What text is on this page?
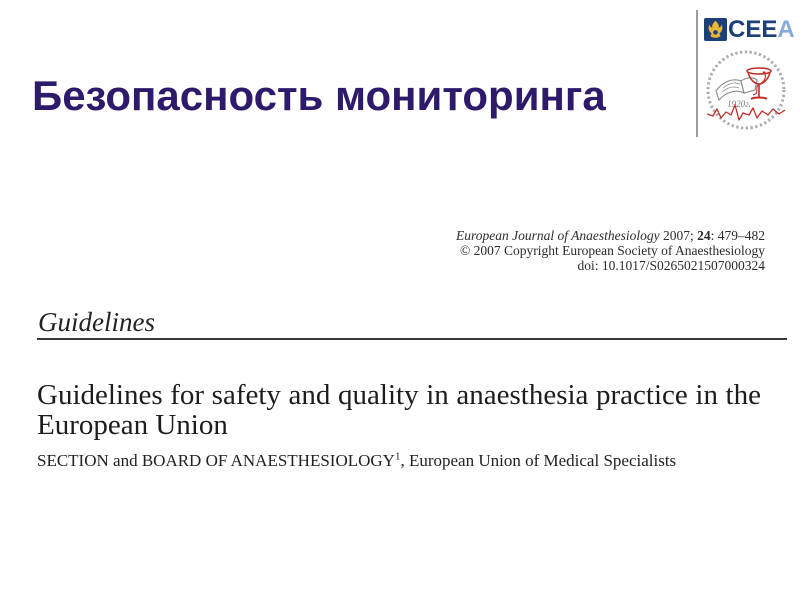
Безопасность мониторинга
CEEA
1920г.
European Journal of Anaesthesiology 2007; 24: 479–482
© 2007 Copyright European Society of Anaesthesiology
doi: 10.1017/S0265021507000324
Guidelines
Guidelines for safety and quality in anaesthesia practice in the
European Union
SECTION and BOARD OF ANAESTHESIOLOGY$^1$, European Union of Medical Specialists
